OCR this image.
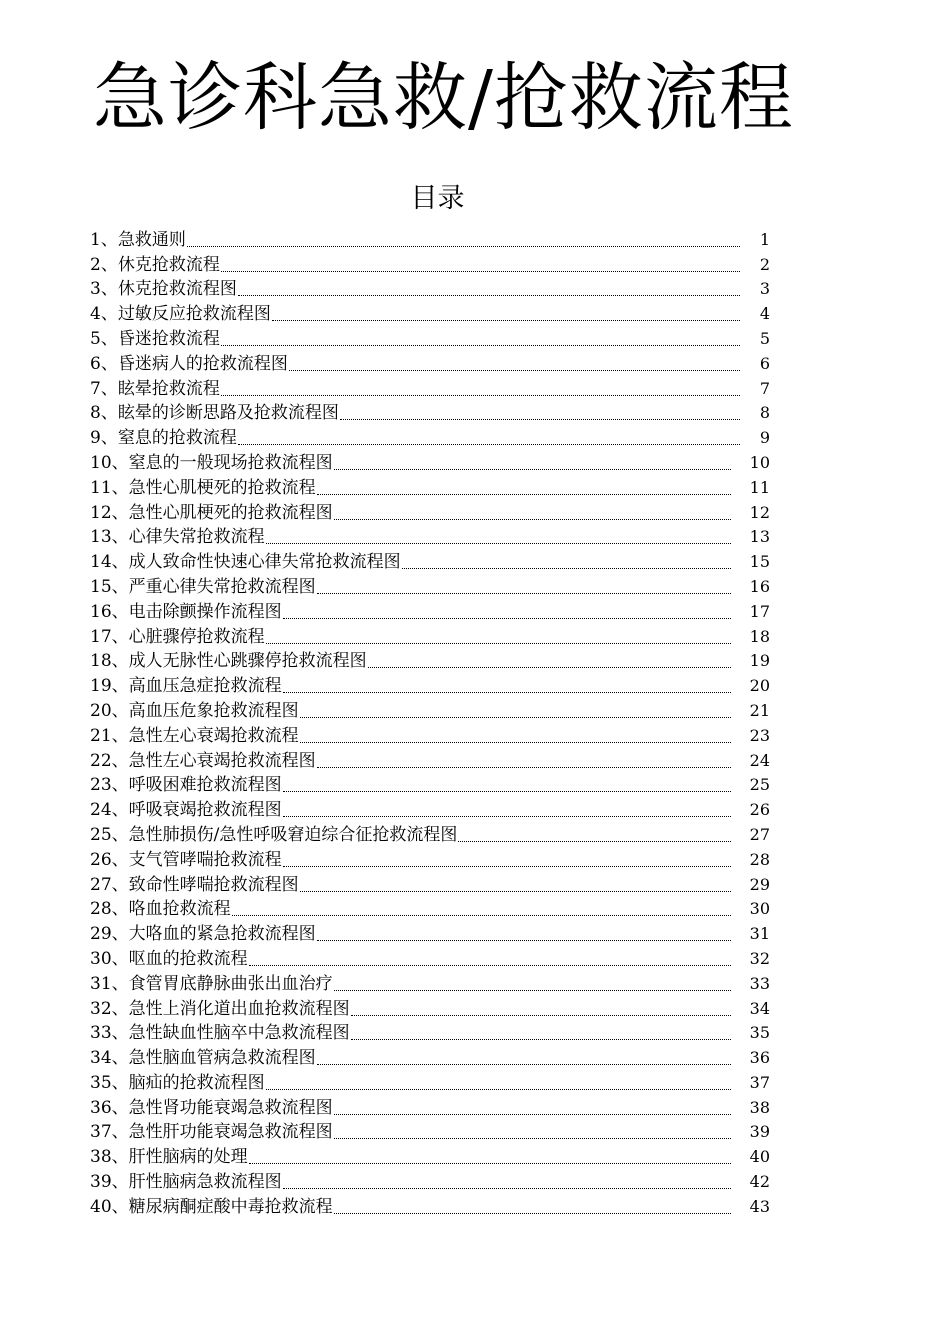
急诊科急救/抢救流程
目录
1、急救通则	1
2、休克抢救流程	2
3、休克抢救流程图	3
4、过敏反应抢救流程图	4
5、昏迷抢救流程	5
6、昏迷病人的抢救流程图	6
7、眩晕抢救流程	7
8、眩晕的诊断思路及抢救流程图	8
9、窒息的抢救流程	9
10、窒息的一般现场抢救流程图	10
11、急性心肌梗死的抢救流程	11
12、急性心肌梗死的抢救流程图	12
13、心律失常抢救流程	13
14、成人致命性快速心律失常抢救流程图	15
15、严重心律失常抢救流程图	16
16、电击除颤操作流程图	17
17、心脏骤停抢救流程	18
18、成人无脉性心跳骤停抢救流程图	19
19、高血压急症抢救流程	20
20、高血压危象抢救流程图	21
21、急性左心衰竭抢救流程	23
22、急性左心衰竭抢救流程图	24
23、呼吸困难抢救流程图	25
24、呼吸衰竭抢救流程图	26
25、急性肺损伤/急性呼吸窘迫综合征抢救流程图	27
26、支气管哮喘抢救流程	28
27、致命性哮喘抢救流程图	29
28、咯血抢救流程	30
29、大咯血的紧急抢救流程图	31
30、呕血的抢救流程	32
31、食管胃底静脉曲张出血治疗	33
32、急性上消化道出血抢救流程图	34
33、急性缺血性脑卒中急救流程图	35
34、急性脑血管病急救流程图	36
35、脑疝的抢救流程图	37
36、急性肾功能衰竭急救流程图	38
37、急性肝功能衰竭急救流程图	39
38、肝性脑病的处理	40
39、肝性脑病急救流程图	42
40、糖尿病酮症酸中毒抢救流程	43
